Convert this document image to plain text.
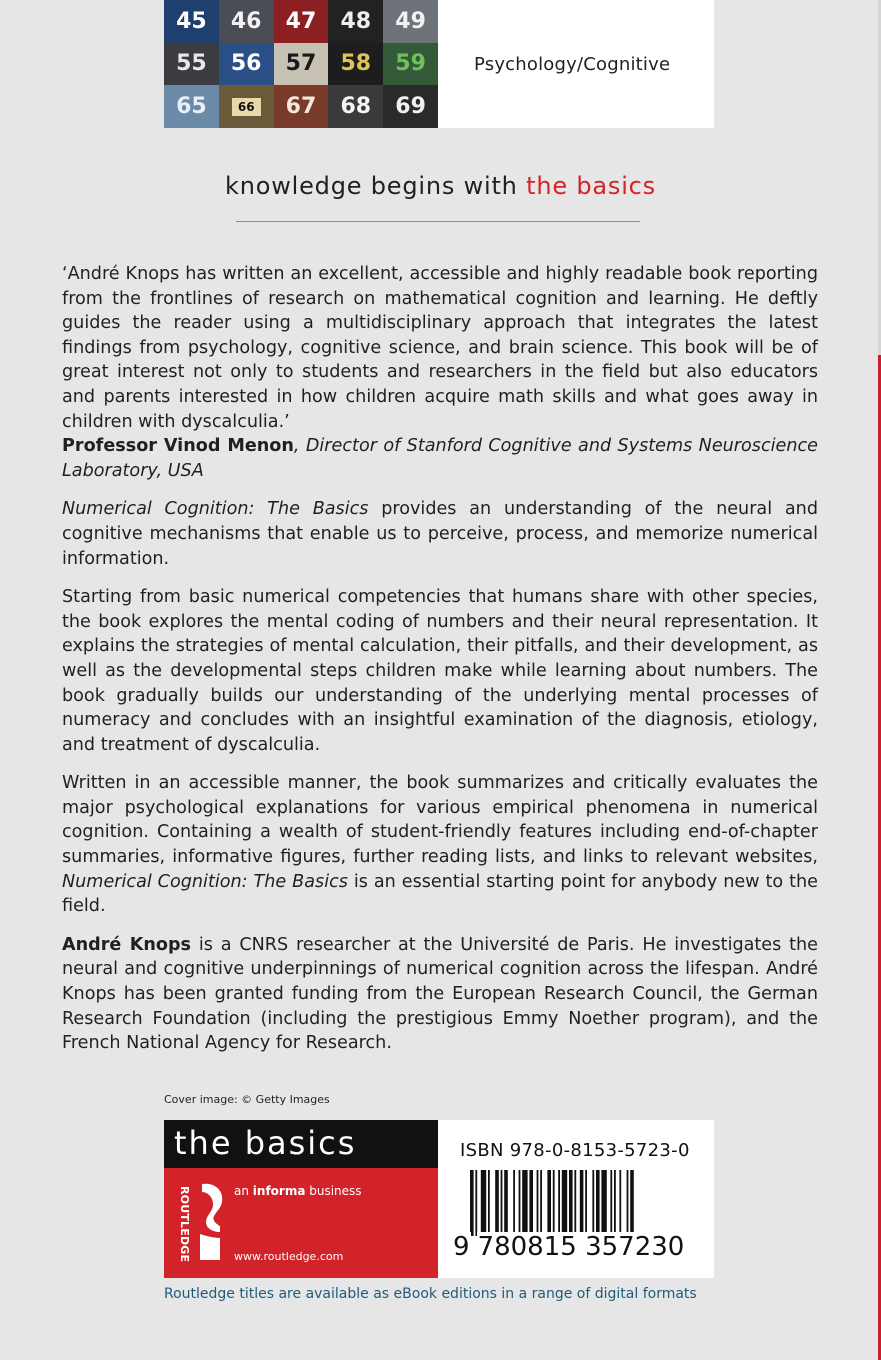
45	46	47	48	49
55	56	57	58	59
65	66	67	68	69
Psychology/Cognitive
knowledge begins with the basics

‘André Knops has written an excellent, accessible and highly readable book reporting from the frontlines of research on mathematical cognition and learning. He deftly guides the reader using a multidisciplinary approach that integrates the latest findings from psychology, cognitive science, and brain science. This book will be of great interest not only to students and researchers in the field but also educators and parents interested in how children acquire math skills and what goes away in children with dyscalculia.’

Professor Vinod Menon, Director of Stanford Cognitive and Systems Neuroscience Laboratory, USA

Numerical Cognition: The Basics provides an understanding of the neural and cognitive mechanisms that enable us to perceive, process, and memorize numerical information.

Starting from basic numerical competencies that humans share with other species, the book explores the mental coding of numbers and their neural representation. It explains the strategies of mental calculation, their pitfalls, and their development, as well as the developmental steps children make while learning about numbers. The book gradually builds our understanding of the underlying mental processes of numeracy and concludes with an insightful examination of the diagnosis, etiology, and treatment of dyscalculia.

Written in an accessible manner, the book summarizes and critically evaluates the major psychological explanations for various empirical phenomena in numerical cognition. Containing a wealth of student-friendly features including end-of-chapter summaries, informative figures, further reading lists, and links to relevant websites, Numerical Cognition: The Basics is an essential starting point for anybody new to the field.

André Knops is a CNRS researcher at the Université de Paris. He investigates the neural and cognitive underpinnings of numerical cognition across the lifespan. André Knops has been granted funding from the European Research Council, the German Research Foundation (including the prestigious Emmy Noether program), and the French National Agency for Research.

Cover image: © Getty Images
the basics
ROUTLEDGE	an informa business
www.routledge.com
ISBN 978-0-8153-5723-0
9 780815 357230
Routledge titles are available as eBook editions in a range of digital formats
